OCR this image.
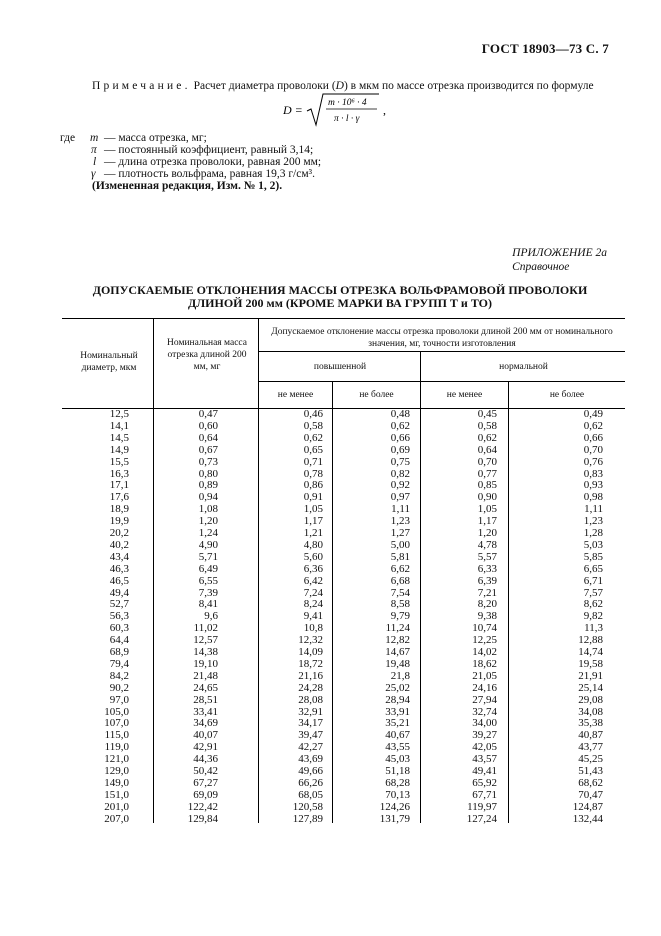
ГОСТ 18903—73 С. 7
Примечание. Расчет диаметра проволоки (D) в мкм по массе отрезка производится по формуле
D =	m · 10⁶ · 4
π · l · γ
,
где m — масса отрезка, мг;
π — постоянный коэффициент, равный 3,14;
l — длина отрезка проволоки, равная 200 мм;
γ — плотность вольфрама, равная 19,3 г/см³.
(Измененная редакция, Изм. № 1, 2).
ПРИЛОЖЕНИЕ 2а
Справочное
ДОПУСКАЕМЫЕ ОТКЛОНЕНИЯ МАССЫ ОТРЕЗКА ВОЛЬФРАМОВОЙ ПРОВОЛОКИ
ДЛИНОЙ 200 мм (КРОМЕ МАРКИ ВА ГРУПП Т и ТО)
Номинальный диаметр, мкм
Номинальная масса отрезка длиной 200 мм, мг
Допускаемое отклонение массы отрезка проволоки длиной 200 мм от номинального значения, мг, точности изготовления
повышенной	нормальной
не менее	не более	не менее	не более
12,5	0,47	0,46	0,48	0,45	0,49
14,1	0,60	0,58	0,62	0,58	0,62
14,5	0,64	0,62	0,66	0,62	0,66
14,9	0,67	0,65	0,69	0,64	0,70
15,5	0,73	0,71	0,75	0,70	0,76
16,3	0,80	0,78	0,82	0,77	0,83
17,1	0,89	0,86	0,92	0,85	0,93
17,6	0,94	0,91	0,97	0,90	0,98
18,9	1,08	1,05	1,11	1,05	1,11
19,9	1,20	1,17	1,23	1,17	1,23
20,2	1,24	1,21	1,27	1,20	1,28
40,2	4,90	4,80	5,00	4,78	5,03
43,4	5,71	5,60	5,81	5,57	5,85
46,3	6,49	6,36	6,62	6,33	6,65
46,5	6,55	6,42	6,68	6,39	6,71
49,4	7,39	7,24	7,54	7,21	7,57
52,7	8,41	8,24	8,58	8,20	8,62
56,3	9,6	9,41	9,79	9,38	9,82
60,3	11,02	10,8	11,24	10,74	11,3
64,4	12,57	12,32	12,82	12,25	12,88
68,9	14,38	14,09	14,67	14,02	14,74
79,4	19,10	18,72	19,48	18,62	19,58
84,2	21,48	21,16	21,8	21,05	21,91
90,2	24,65	24,28	25,02	24,16	25,14
97,0	28,51	28,08	28,94	27,94	29,08
105,0	33,41	32,91	33,91	32,74	34,08
107,0	34,69	34,17	35,21	34,00	35,38
115,0	40,07	39,47	40,67	39,27	40,87
119,0	42,91	42,27	43,55	42,05	43,77
121,0	44,36	43,69	45,03	43,57	45,25
129,0	50,42	49,66	51,18	49,41	51,43
149,0	67,27	66,26	68,28	65,92	68,62
151,0	69,09	68,05	70,13	67,71	70,47
201,0	122,42	120,58	124,26	119,97	124,87
207,0	129,84	127,89	131,79	127,24	132,44
